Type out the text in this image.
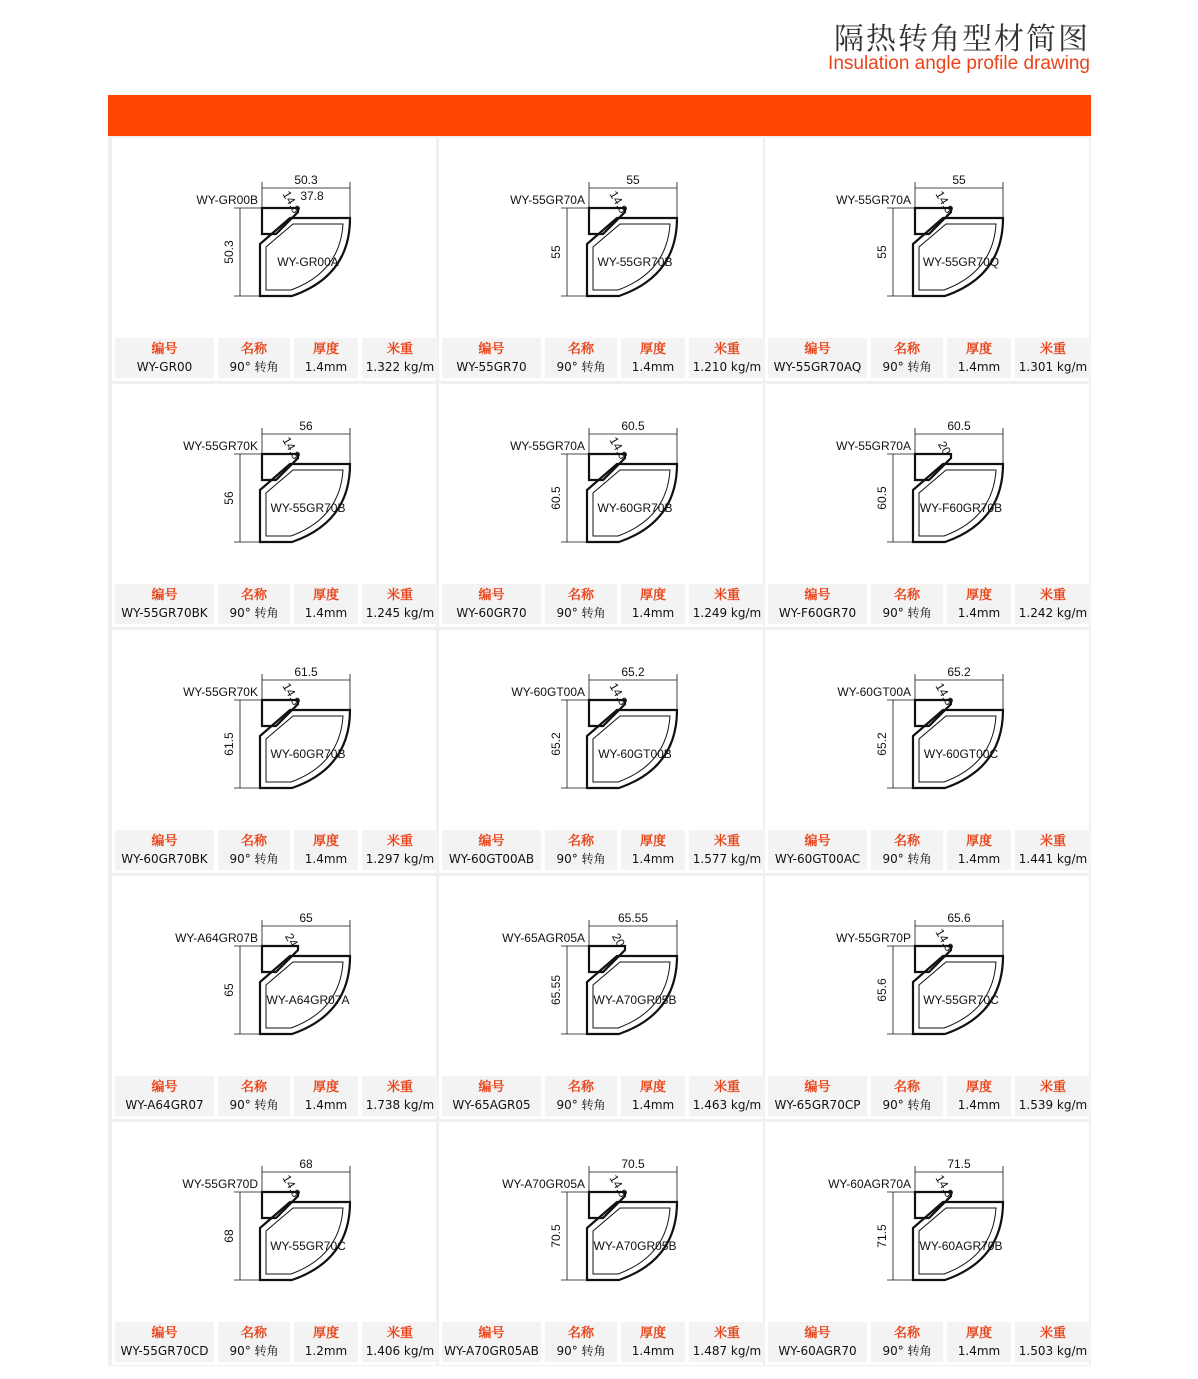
隔热转角型材简图
Insulation angle profile drawing
50.3
37.8
50.3
14.8
WY-GR00B
WY-GR00A
编号
WY-GR00
名称
90° 转角
厚度
1.4mm
米重
1.322 kg/m
55
55
14.8
WY-55GR70A
WY-55GR70B
编号
WY-55GR70
名称
90° 转角
厚度
1.4mm
米重
1.210 kg/m
55
55
14.8
WY-55GR70A
WY-55GR70Q
编号
WY-55GR70AQ
名称
90° 转角
厚度
1.4mm
米重
1.301 kg/m
56
56
14.8
WY-55GR70K
WY-55GR70B
编号
WY-55GR70BK
名称
90° 转角
厚度
1.4mm
米重
1.245 kg/m
60.5
60.5
14.8
WY-55GR70A
WY-60GR70B
编号
WY-60GR70
名称
90° 转角
厚度
1.4mm
米重
1.249 kg/m
60.5
60.5
20
WY-55GR70A
WY-F60GR70B
编号
WY-F60GR70
名称
90° 转角
厚度
1.4mm
米重
1.242 kg/m
61.5
61.5
14.8
WY-55GR70K
WY-60GR70B
编号
WY-60GR70BK
名称
90° 转角
厚度
1.4mm
米重
1.297 kg/m
65.2
65.2
14.8
WY-60GT00A
WY-60GT00B
编号
WY-60GT00AB
名称
90° 转角
厚度
1.4mm
米重
1.577 kg/m
65.2
65.2
14.8
WY-60GT00A
WY-60GT00C
编号
WY-60GT00AC
名称
90° 转角
厚度
1.4mm
米重
1.441 kg/m
65
65
24
WY-A64GR07B
WY-A64GR07A
编号
WY-A64GR07
名称
90° 转角
厚度
1.4mm
米重
1.738 kg/m
65.55
65.55
20
WY-65AGR05A
WY-A70GR05B
编号
WY-65AGR05
名称
90° 转角
厚度
1.4mm
米重
1.463 kg/m
65.6
65.6
14.8
WY-55GR70P
WY-55GR70C
编号
WY-65GR70CP
名称
90° 转角
厚度
1.4mm
米重
1.539 kg/m
68
68
14.8
WY-55GR70D
WY-55GR70C
编号
WY-55GR70CD
名称
90° 转角
厚度
1.2mm
米重
1.406 kg/m
70.5
70.5
14.8
WY-A70GR05A
WY-A70GR05B
编号
WY-A70GR05AB
名称
90° 转角
厚度
1.4mm
米重
1.487 kg/m
71.5
71.5
14.8
WY-60AGR70A
WY-60AGR70B
编号
WY-60AGR70
名称
90° 转角
厚度
1.4mm
米重
1.503 kg/m
